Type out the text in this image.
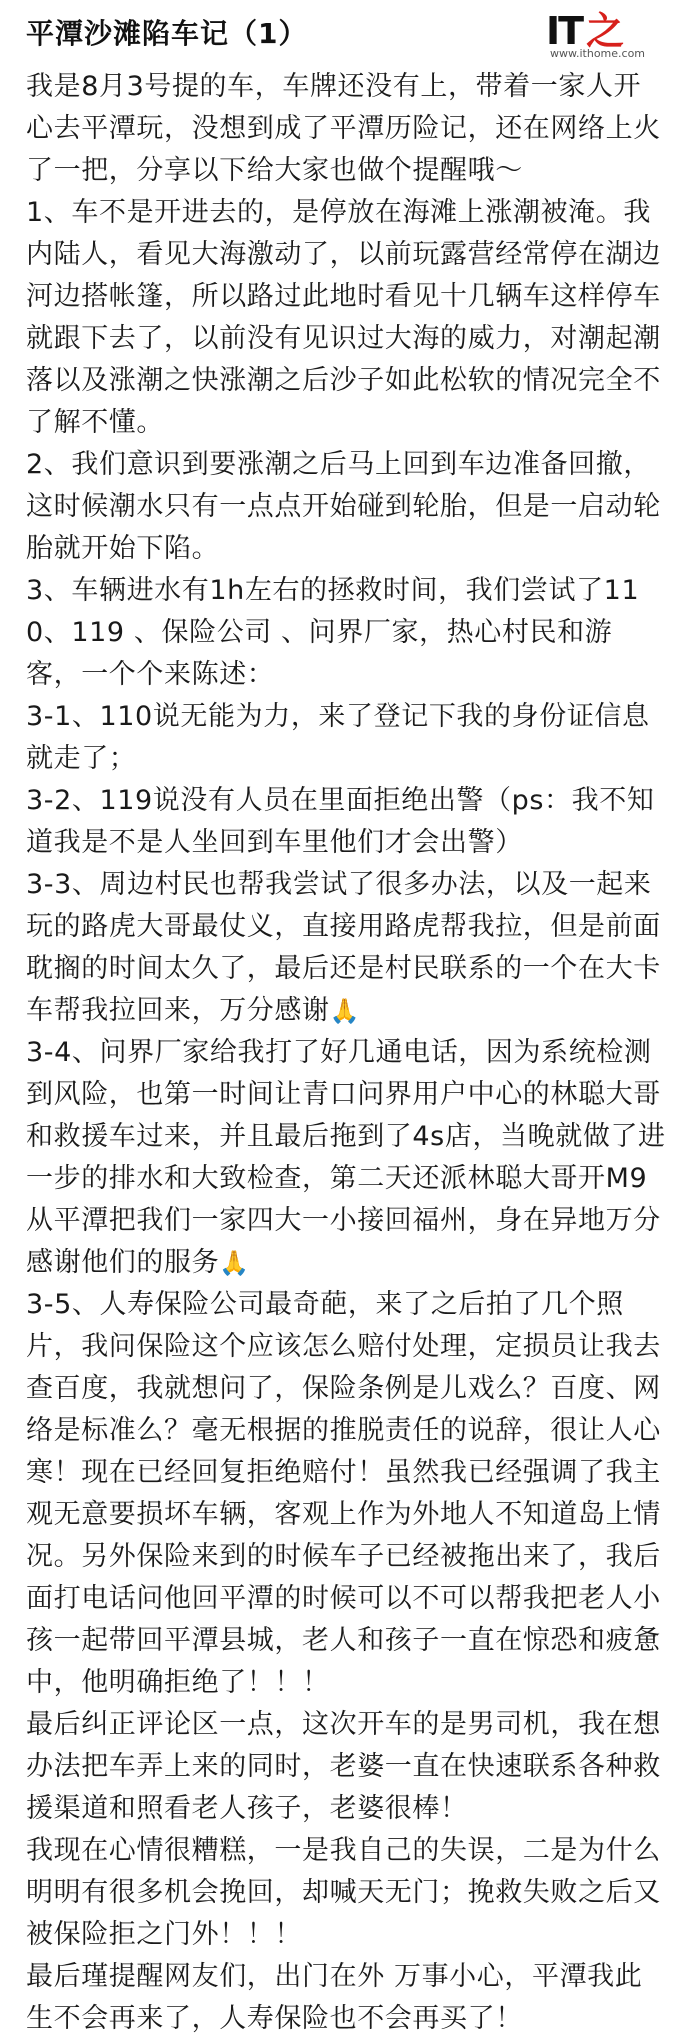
平潭沙滩陷车记（1）	IT 之
www.ithome.com

我是8月3号提的车，车牌还没有上，带着一家人开心去平潭玩，没想到成了平潭历险记，还在网络上火了一把，分享以下给大家也做个提醒哦～

1、车不是开进去的，是停放在海滩上涨潮被淹。我内陆人，看见大海激动了，以前玩露营经常停在湖边河边搭帐篷，所以路过此地时看见十几辆车这样停车就跟下去了，以前没有见识过大海的威力，对潮起潮落以及涨潮之快涨潮之后沙子如此松软的情况完全不了解不懂。

2、我们意识到要涨潮之后马上回到车边准备回撤，这时候潮水只有一点点开始碰到轮胎，但是一启动轮胎就开始下陷。

3、车辆进水有1h左右的拯救时间，我们尝试了110、119 、保险公司 、问界厂家，热心村民和游客，一个个来陈述：

3-1、110说无能为力，来了登记下我的身份证信息就走了；

3-2、119说没有人员在里面拒绝出警（ps：我不知道我是不是人坐回到车里他们才会出警）

3-3、周边村民也帮我尝试了很多办法，以及一起来玩的路虎大哥最仗义，直接用路虎帮我拉，但是前面耽搁的时间太久了，最后还是村民联系的一个在大卡车帮我拉回来，万分感谢🙏

3-4、问界厂家给我打了好几通电话，因为系统检测到风险，也第一时间让青口问界用户中心的林聪大哥和救援车过来，并且最后拖到了4s店，当晚就做了进一步的排水和大致检查，第二天还派林聪大哥开M9从平潭把我们一家四大一小接回福州，身在异地万分感谢他们的服务🙏

3-5、人寿保险公司最奇葩，来了之后拍了几个照片，我问保险这个应该怎么赔付处理，定损员让我去查百度，我就想问了，保险条例是儿戏么？百度、网络是标准么？毫无根据的推脱责任的说辞，很让人心寒！现在已经回复拒绝赔付！虽然我已经强调了我主观无意要损坏车辆，客观上作为外地人不知道岛上情况。另外保险来到的时候车子已经被拖出来了，我后面打电话问他回平潭的时候可以不可以帮我把老人小孩一起带回平潭县城，老人和孩子一直在惊恐和疲惫中，他明确拒绝了！！！

最后纠正评论区一点，这次开车的是男司机，我在想办法把车弄上来的同时，老婆一直在快速联系各种救援渠道和照看老人孩子，老婆很棒！

我现在心情很糟糕，一是我自己的失误，二是为什么明明有很多机会挽回，却喊天无门；挽救失败之后又被保险拒之门外！！！

最后瑾提醒网友们，出门在外 万事小心，平潭我此生不会再来了，人寿保险也不会再买了！
